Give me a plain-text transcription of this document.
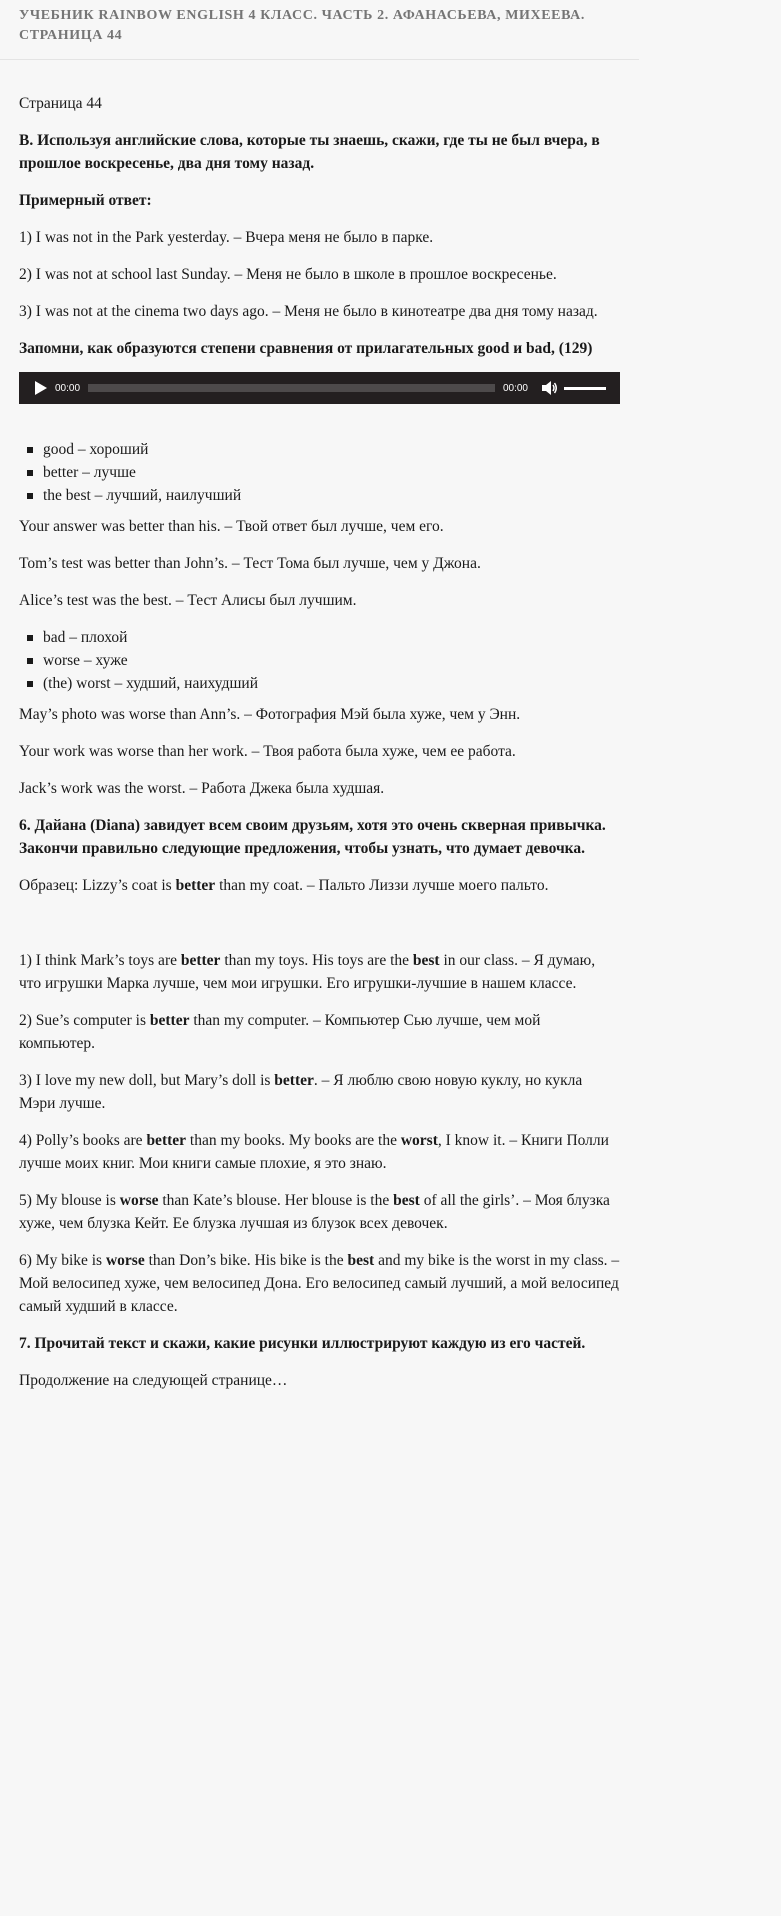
УЧЕБНИК RAINBOW ENGLISH 4 КЛАСС. ЧАСТЬ 2. АФАНАСЬЕВА, МИХЕЕВА. СТРАНИЦА 44

Страница 44

B. Используя английские слова, которые ты знаешь, скажи, где ты не был вчера, в прошлое воскресенье, два дня тому назад.

Примерный ответ:

1) I was not in the Park yesterday. – Вчера меня не было в парке.

2) I was not at school last Sunday. – Меня не было в школе в прошлое воскресенье.

3) I was not at the cinema two days ago. – Меня не было в кинотеатре два дня тому назад.

Запомни, как образуются степени сравнения от прилагательных good и bad, (129)

00:00	00:00
good – хороший
better – лучше
the best – лучший, наилучший

Your answer was better than his. – Твой ответ был лучше, чем его.

Tom’s test was better than John’s. – Тест Тома был лучше, чем у Джона.

Alice’s test was the best. – Тест Алисы был лучшим.

bad – плохой
worse – хуже
(the) worst – худший, наихудший

May’s photo was worse than Ann’s. – Фотография Мэй была хуже, чем у Энн.

Your work was worse than her work. – Твоя работа была хуже, чем ее работа.

Jack’s work was the worst. – Работа Джека была худшая.

6. Дайана (Diana) завидует всем своим друзьям, хотя это очень скверная привычка. Закончи правильно следующие предложения, чтобы узнать, что думает девочка.

Образец: Lizzy’s coat is better than my coat. – Пальто Лиззи лучше моего пальто.

1) I think Mark’s toys are better than my toys. His toys are the best in our class. – Я думаю, что игрушки Марка лучше, чем мои игрушки. Его игрушки-лучшие в нашем классе.

2) Sue’s computer is better than my computer. – Компьютер Сью лучше, чем мой компьютер.

3) I love my new doll, but Mary’s doll is better. – Я люблю свою новую куклу, но кукла Мэри лучше.

4) Polly’s books are better than my books. My books are the worst, I know it. – Книги Полли лучше моих книг. Мои книги самые плохие, я это знаю.

5) My blouse is worse than Kate’s blouse. Her blouse is the best of all the girls’. – Моя блузка хуже, чем блузка Кейт. Ее блузка лучшая из блузок всех девочек.

6) My bike is worse than Don’s bike. His bike is the best and my bike is the worst in my class. – Мой велосипед хуже, чем велосипед Дона. Его велосипед самый лучший, а мой велосипед самый худший в классе.

7. Прочитай текст и скажи, какие рисунки иллюстрируют каждую из его частей.

Продолжение на следующей странице…
